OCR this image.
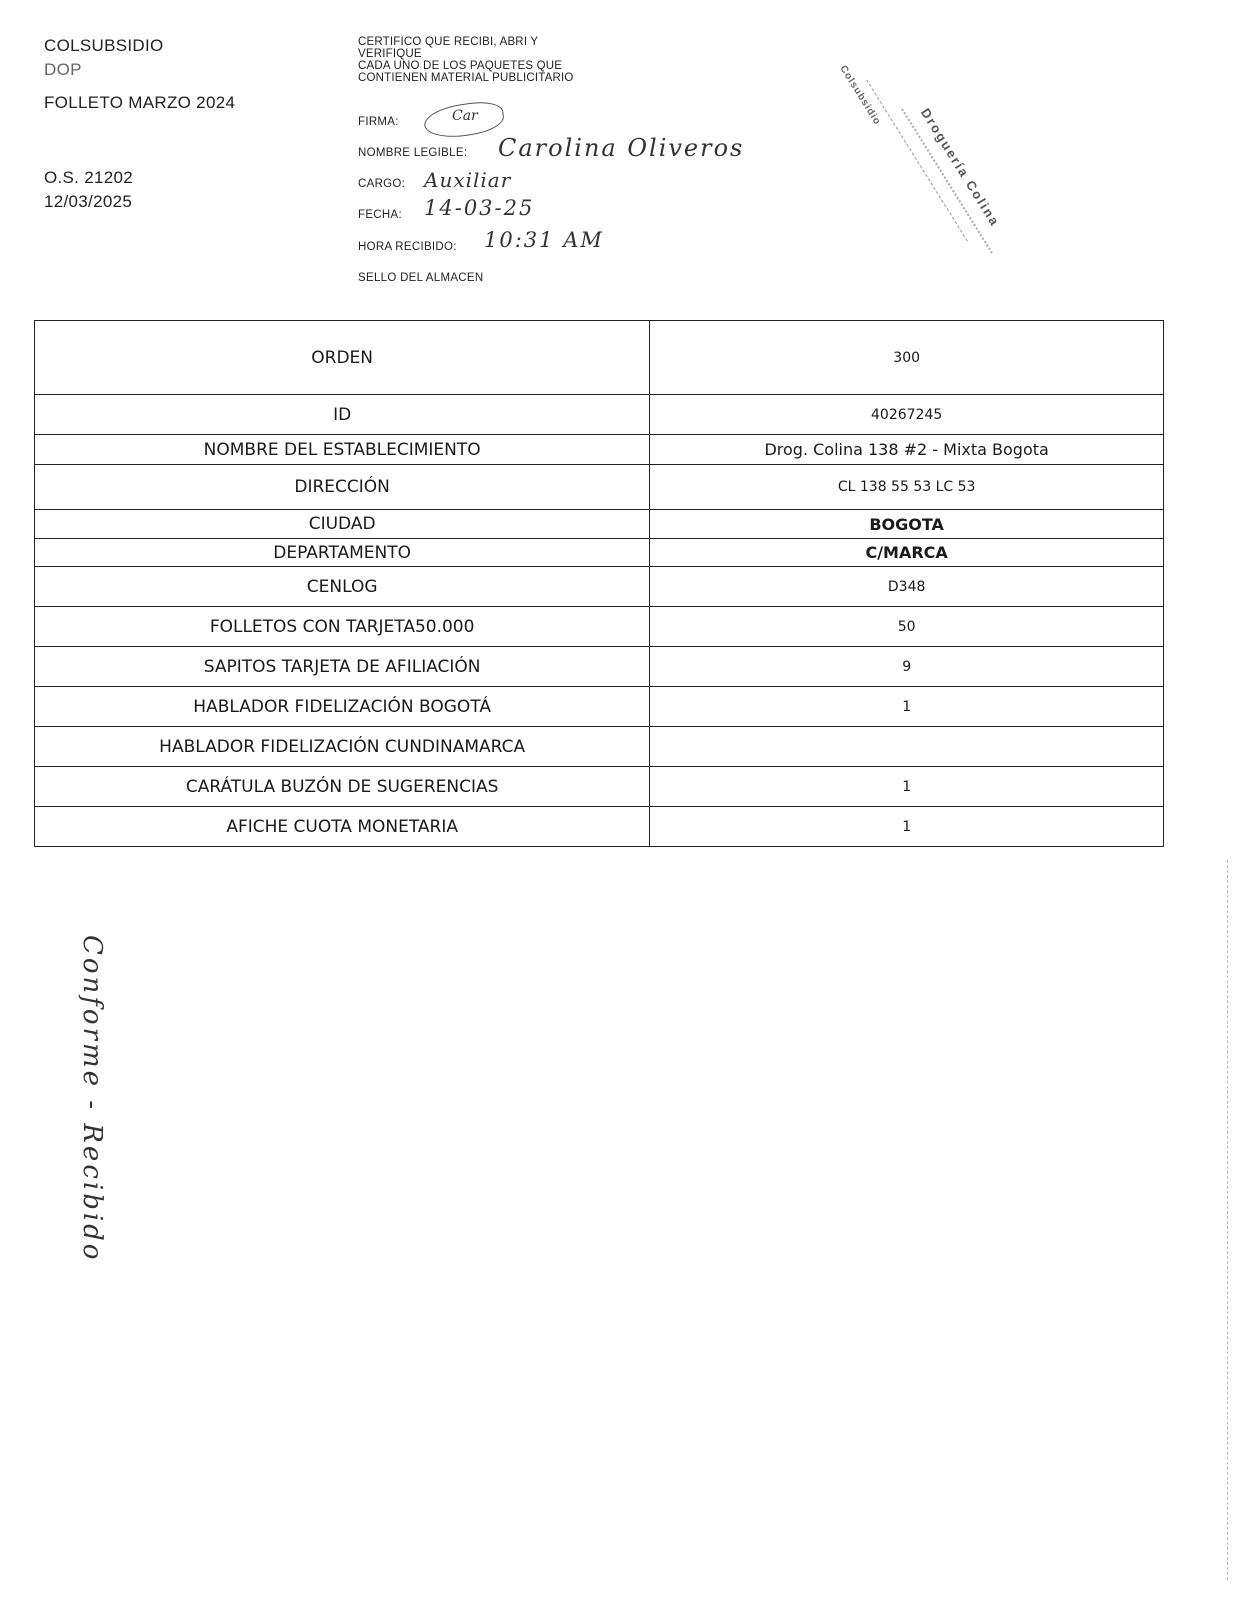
COLSUBSIDIO
DOP
FOLLETO MARZO 2024
O.S. 21202
12/03/2025
CERTIFICO QUE RECIBI, ABRI Y
VERIFIQUE
CADA UNO DE LOS PAQUETES QUE
CONTIENEN MATERIAL PUBLICITARIO
FIRMA:	Car
NOMBRE LEGIBLE: Carolina Oliveros
CARGO: Auxiliar
FECHA: 14-03-25
HORA RECIBIDO: 10:31 AM
SELLO DEL ALMACEN
Colsubsidio
Droguería Colina
ORDEN	300
ID	40267245
NOMBRE DEL ESTABLECIMIENTO	Drog. Colina 138 #2 - Mixta Bogota
DIRECCIÓN	CL 138 55 53 LC 53
CIUDAD	BOGOTA
DEPARTAMENTO	C/MARCA
CENLOG	D348
FOLLETOS CON TARJETA50.000	50
SAPITOS TARJETA DE AFILIACIÓN	9
HABLADOR FIDELIZACIÓN BOGOTÁ	1
HABLADOR FIDELIZACIÓN CUNDINAMARCA	
CARÁTULA BUZÓN DE SUGERENCIAS	1
AFICHE CUOTA MONETARIA	1
Conforme - Recibido
